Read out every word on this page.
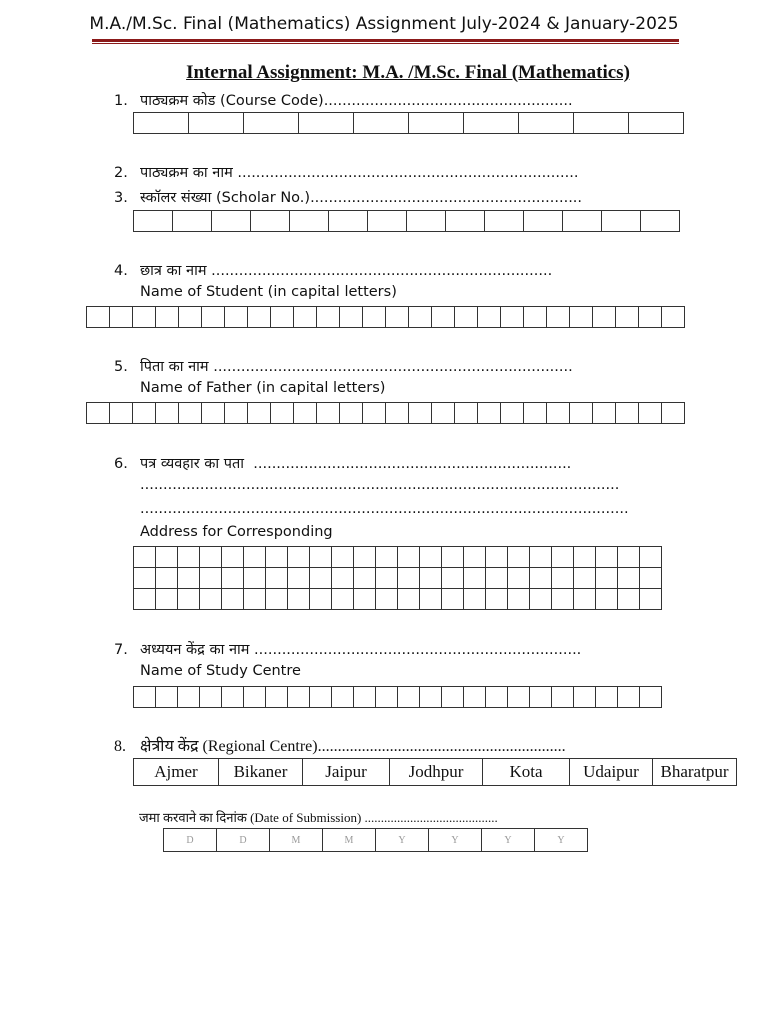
M.A./M.Sc. Final (Mathematics) Assignment July-2024 & January-2025
Internal Assignment: M.A. /M.Sc. Final (Mathematics)
1. पाठ्यक्रम कोड (Course Code)......................................................

2. पाठ्यक्रम का नाम ..........................................................................
3. स्कॉलर संख्या (Scholar No.)...........................................................

4. छात्र का नाम ..........................................................................
Name of Student (in capital letters)

5. पिता का नाम ..............................................................................
Name of Father (in capital letters)

6. पत्र व्यवहार का पता .....................................................................
........................................................................................................
..........................................................................................................
Address for Corresponding

7. अध्ययन केंद्र का नाम .......................................................................
Name of Study Centre

8. क्षेत्रीय केंद्र (Regional Centre)..............................................................
Ajmer	Bikaner	Jaipur	Jodhpur	Kota	Udaipur	Bharatpur
जमा करवाने का दिनांक (Date of Submission) .........................................
D	D	M	M	Y	Y	Y	Y
